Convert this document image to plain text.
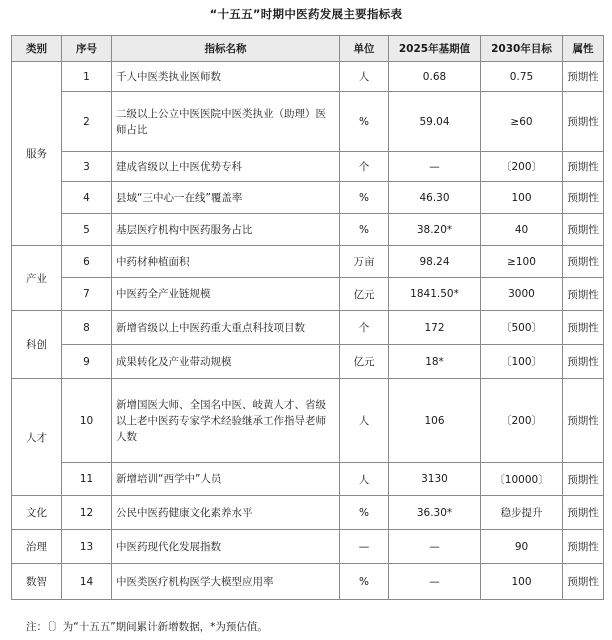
“十五五”时期中医药发展主要指标表
类别	序号	指标名称	单位	2025年基期值	2030年目标	属性
服务	1	千人中医类执业医师数	人	0.68	0.75	预期性
	2	二级以上公立中医医院中医类执业（助理）医师占比	%	59.04	≥60	预期性
	3	建成省级以上中医优势专科	个	—	〔200〕	预期性
	4	县域“三中心一在线”覆盖率	%	46.30	100	预期性
	5	基层医疗机构中医药服务占比	%	38.20*	40	预期性
产业	6	中药材种植面积	万亩	98.24	≥100	预期性
	7	中医药全产业链规模	亿元	1841.50*	3000	预期性
科创	8	新增省级以上中医药重大重点科技项目数	个	172	〔500〕	预期性
	9	成果转化及产业带动规模	亿元	18*	〔100〕	预期性
人才	10	新增国医大师、全国名中医、岐黄人才、省级以上老中医药专家学术经验继承工作指导老师人数	人	106	〔200〕	预期性
	11	新增培训“西学中”人员	人	3130	〔10000〕	预期性
文化	12	公民中医药健康文化素养水平	%	36.30*	稳步提升	预期性
治理	13	中医药现代化发展指数	—	—	90	预期性
数智	14	中医类医疗机构医学大模型应用率	%	—	100	预期性
注：〔〕为“十五五”期间累计新增数据，*为预估值。
